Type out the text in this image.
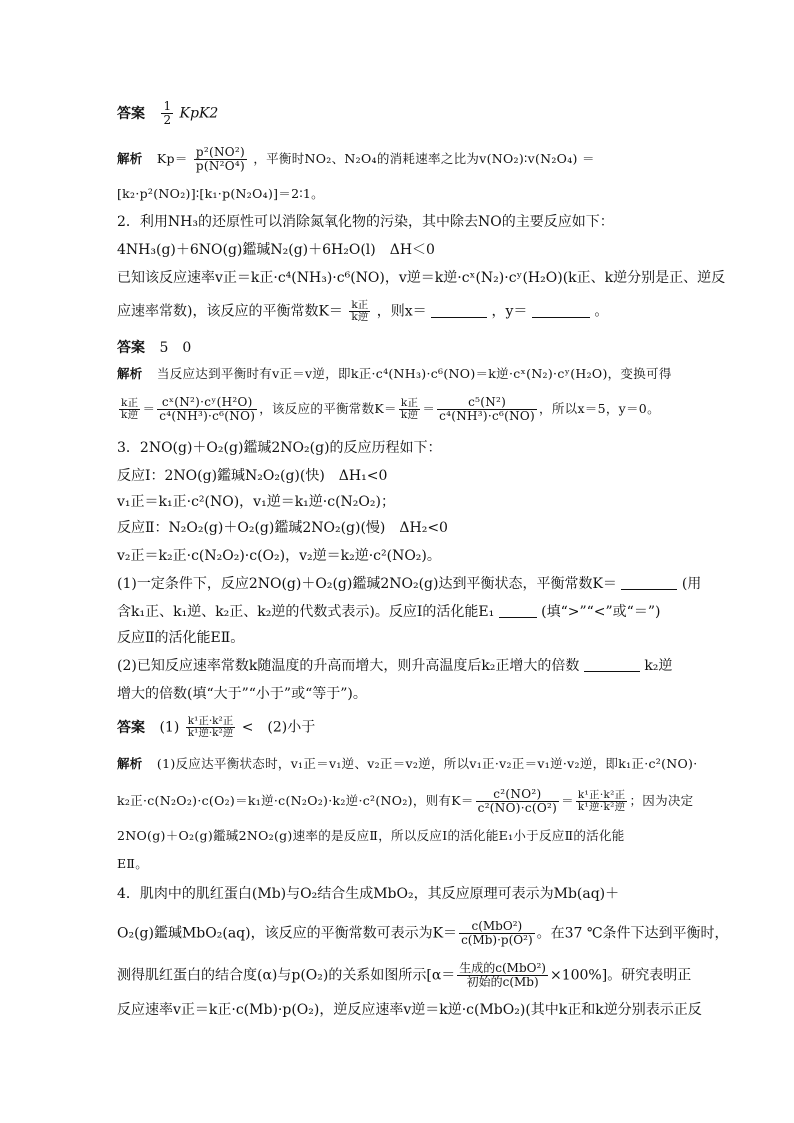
答案 $\frac{1}{2} KpK2$
解析 $Kp= \frac{\text{p²(NO²)}}{\text{p(N²O⁴)}}$ ，平衡时NO₂、N₂O₄的消耗速率之比为v(NO₂)∶v(N₂O₄) ＝
[k₂·p²(NO₂)]∶[k₁·p(N₂O₄)]＝2∶1。
2．利用NH₃的还原性可以消除氮氧化物的污染，其中除去NO的主要反应如下：
4NH₃(g)＋6NO(g)鑑瑊N₂(g)＋6H₂O(l)　ΔH＜0
已知该反应速率v正＝k正·c⁴(NH₃)·c⁶(NO)，v逆＝k逆·cˣ(N₂)·cʸ(H₂O)(k正、k逆分别是正、逆反
应速率常数)，该反应的平衡常数$K= \frac{\text{k正}}{\text{k逆}}$ ，则x＝	，y＝	。
答案 5　0
解析 当反应达到平衡时有v正＝v逆，即k正·c⁴(NH₃)·c⁶(NO)＝k逆·cˣ(N₂)·cʸ(H₂O)，变换可得
$\frac{\text{k正}}{\text{k逆}} = \frac{\text{cˣ(N²)·cʸ(H²O)}}{\text{c⁴(NH³)·c⁶(NO)}}$ ，该反应的平衡常数$K= \frac{\text{k正}}{\text{k逆}} = \frac{\text{c⁵(N²)}}{\text{c⁴(NH³)·c⁶(NO)}}$ ，所以x＝5，y＝0。
3．2NO(g)＋O₂(g)鑑瑊2NO₂(g)的反应历程如下：
反应Ⅰ：2NO(g)鑑瑊N₂O₂(g)(快)　ΔH₁<0
v₁正＝k₁正·c²(NO)，v₁逆＝k₁逆·c(N₂O₂)；
反应Ⅱ：N₂O₂(g)＋O₂(g)鑑瑊2NO₂(g)(慢)　ΔH₂<0
v₂正＝k₂正·c(N₂O₂)·c(O₂)，v₂逆＝k₂逆·c²(NO₂)。
(1)一定条件下，反应2NO(g)＋O₂(g)鑑瑊2NO₂(g)达到平衡状态，平衡常数K＝	(用
含k₁正、k₁逆、k₂正、k₂逆的代数式表示)。反应Ⅰ的活化能E₁	(填“>”“<”或“＝”)
反应Ⅱ的活化能EⅡ。
(2)已知反应速率常数k随温度的升高而增大，则升高温度后k₂正增大的倍数	k₂逆
增大的倍数(填“大于”“小于”或“等于”)。
答案 $(1) \frac{\text{k¹正·k²正}}{\text{k¹逆·k²逆}}$ <　(2)小于
解析 (1)反应达平衡状态时，v₁正＝v₁逆、v₂正＝v₂逆，所以v₁正·v₂正＝v₁逆·v₂逆，即k₁正·c²(NO)·
k₂正·c(N₂O₂)·c(O₂)＝k₁逆·c(N₂O₂)·k₂逆·c²(NO₂)，则有$K= \frac{\text{c²(NO²)}}{\text{c²(NO)·c(O²)}} = \frac{\text{k¹正·k²正}}{\text{k¹逆·k²逆}}$ ；因为决定
2NO(g)＋O₂(g)鑑瑊2NO₂(g)速率的是反应Ⅱ，所以反应Ⅰ的活化能E₁小于反应Ⅱ的活化能
EⅡ。
4．肌肉中的肌红蛋白(Mb)与O₂结合生成MbO₂，其反应原理可表示为Mb(aq)＋
O₂(g)鑑瑊MbO₂(aq)，该反应的平衡常数可表示为$K= \frac{\text{c(MbO²)}}{\text{c(Mb)·p(O²)}}$ 。在37 ℃条件下达到平衡时，
测得肌红蛋白的结合度(α)与p(O₂)的关系如图所示$[\alpha= \frac{\text{生成的c(MbO²)}}{\text{初始的c(Mb)}} \times 100\%]$。研究表明正
反应速率v正＝k正·c(Mb)·p(O₂)，逆反应速率v逆＝k逆·c(MbO₂)(其中k正和k逆分别表示正反
